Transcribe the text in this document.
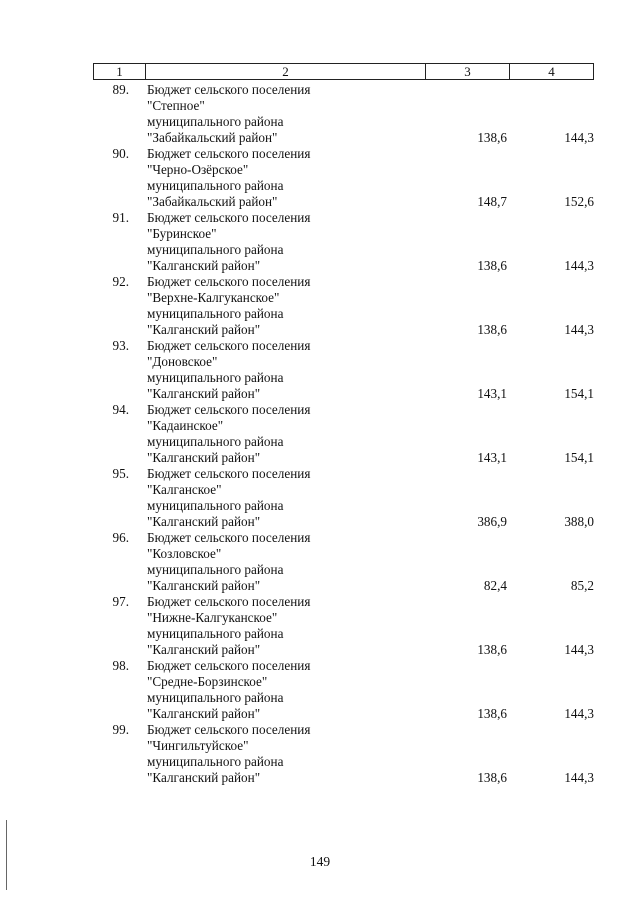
1	2	3	4
89. Бюджет сельского поселения
"Степное"
муниципального района
"Забайкальский район"	138,6	144,3
90. Бюджет сельского поселения
"Черно-Озёрское"
муниципального района
"Забайкальский район"	148,7	152,6
91. Бюджет сельского поселения
"Буринское"
муниципального района
"Калганский район"	138,6	144,3
92. Бюджет сельского поселения
"Верхне-Калгуканское"
муниципального района
"Калганский район"	138,6	144,3
93. Бюджет сельского поселения
"Доновское"
муниципального района
"Калганский район"	143,1	154,1
94. Бюджет сельского поселения
"Кадаинское"
муниципального района
"Калганский район"	143,1	154,1
95. Бюджет сельского поселения
"Калганское"
муниципального района
"Калганский район"	386,9	388,0
96. Бюджет сельского поселения
"Козловское"
муниципального района
"Калганский район"	82,4	85,2
97. Бюджет сельского поселения
"Нижне-Калгуканское"
муниципального района
"Калганский район"	138,6	144,3
98. Бюджет сельского поселения
"Средне-Борзинское"
муниципального района
"Калганский район"	138,6	144,3
99. Бюджет сельского поселения
"Чингильтуйское"
муниципального района
"Калганский район"	138,6	144,3
149
